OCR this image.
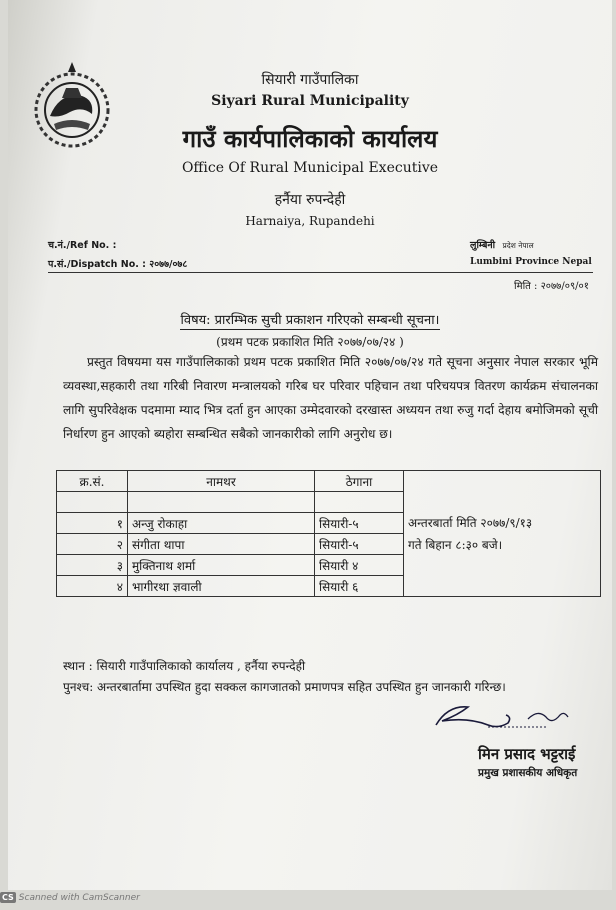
सियारी गाउँपालिका
Siyari Rural Municipality
गाउँ कार्यपालिकाको कार्यालय
Office Of Rural Municipal Executive
हर्नैया रुपन्देही
Harnaiya, Rupandehi
च.नं./Ref No. :
प.सं./Dispatch No. : २०७७/०७८
लुम्बिनी प्रदेश नेपाल
Lumbini Province Nepal
मिति : २०७७/०९/०१
विषय: प्रारम्भिक सुची प्रकाशन गरिएको सम्बन्धी सूचना।
(प्रथम पटक प्रकाशित मिति २०७७/०७/२४ )
प्रस्तुत विषयमा यस गाउँपालिकाको प्रथम पटक प्रकाशित मिति २०७७/०७/२४ गते सूचना अनुसार नेपाल सरकार भूमि व्यवस्था,सहकारी तथा गरिबी निवारण मन्त्रालयको गरिब घर परिवार पहिचान तथा परिचयपत्र वितरण कार्यक्रम संचालनका लागि सुपरिवेक्षक पदमामा म्याद भित्र दर्ता हुन आएका उम्मेदवारको दरखास्त अध्ययन तथा रुजु गर्दा देहाय बमोजिमको सूची निर्धारण हुन आएको ब्यहोरा सम्बन्धित सबैको जानकारीको लागि अनुरोध छ।
क्र.सं.	नामथर	ठेगाना	अन्तरबार्ता मिति २०७७/९/१३
गते बिहान ८:३० बजे।

१	अन्जु रोकाहा	सियारी-५	
२	संगीता थापा	सियारी-५	
३	मुक्तिनाथ शर्मा	सियारी ४	
४	भागीरथा ज्ञवाली	सियारी ६	
स्थान : सियारी गाउँपालिकाको कार्यालय , हर्नैया रुपन्देही
पुनश्च: अन्तरबार्तामा उपस्थित हुदा सक्कल कागजातको प्रमाणपत्र सहित उपस्थित हुन जानकारी गरिन्छ।
मिन प्रसाद भट्टराई
प्रमुख प्रशासकीय अधिकृत
CS Scanned with CamScanner
